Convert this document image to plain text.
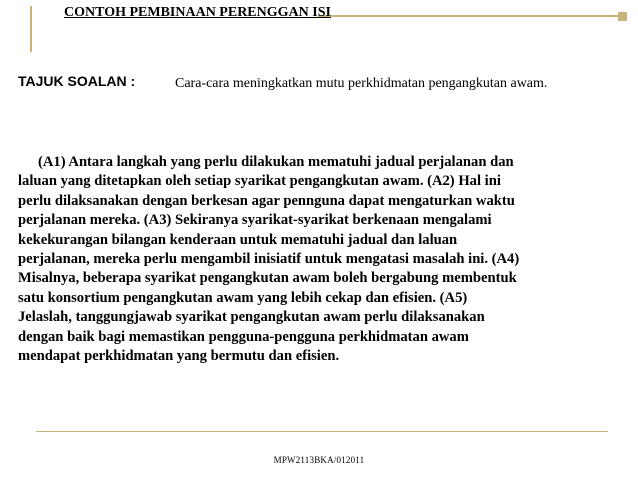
CONTOH PEMBINAAN PERENGGAN ISI
TAJUK SOALAN :	Cara-cara meningkatkan mutu perkhidmatan pengangkutan awam.
(A1) Antara langkah yang perlu dilakukan mematuhi jadual perjalanan dan
laluan yang ditetapkan oleh setiap syarikat pengangkutan awam. (A2) Hal ini
perlu dilaksanakan dengan berkesan agar pennguna dapat mengaturkan waktu
perjalanan mereka. (A3) Sekiranya syarikat-syarikat berkenaan mengalami
kekekurangan bilangan kenderaan untuk mematuhi jadual dan laluan
perjalanan, mereka perlu mengambil inisiatif untuk mengatasi masalah ini. (A4)
Misalnya, beberapa syarikat pengangkutan awam boleh bergabung membentuk
satu konsortium pengangkutan awam yang lebih cekap dan efisien. (A5)
Jelaslah, tanggungjawab syarikat pengangkutan awam perlu dilaksanakan
dengan baik bagi memastikan pengguna-pengguna perkhidmatan awam
mendapat perkhidmatan yang bermutu dan efisien.
MPW2113BKA/012011
